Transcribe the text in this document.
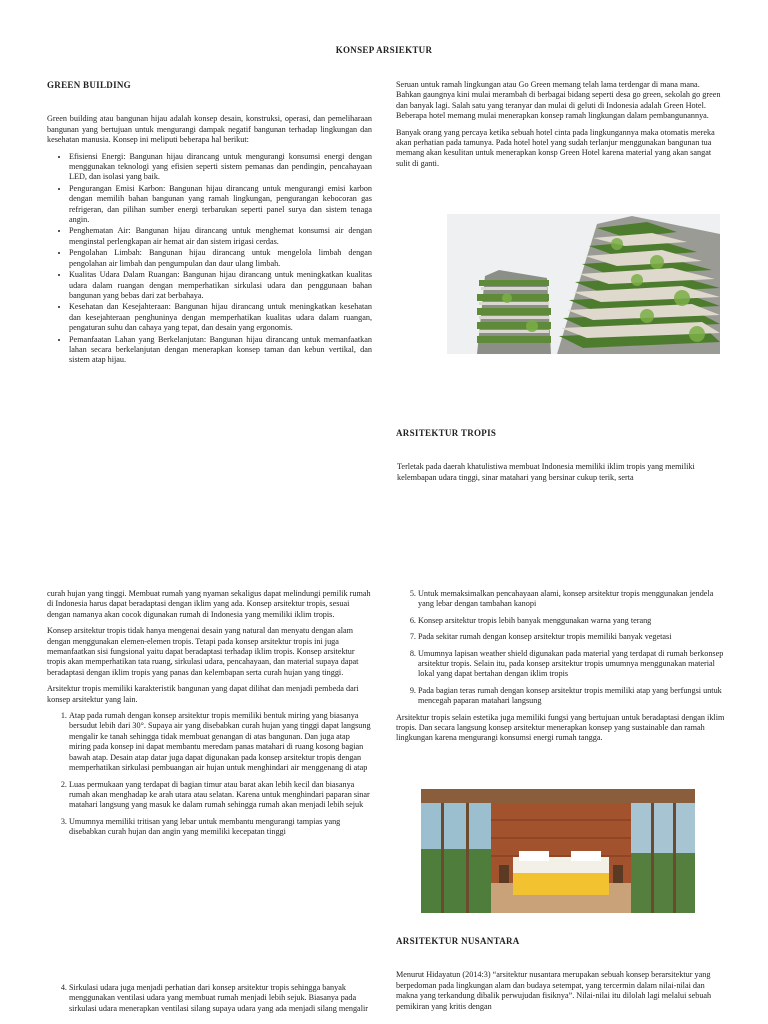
KONSEP ARSIEKTUR
GREEN BUILDING

Green building atau bangunan hijau adalah konsep desain, konstruksi, operasi, dan pemeliharaan bangunan yang bertujuan untuk mengurangi dampak negatif bangunan terhadap lingkungan dan kesehatan manusia. Konsep ini meliputi beberapa hal berikut:

• Efisiensi Energi: Bangunan hijau dirancang untuk mengurangi konsumsi energi dengan menggunakan teknologi yang efisien seperti sistem pemanas dan pendingin, pencahayaan LED, dan isolasi yang baik.
• Pengurangan Emisi Karbon: Bangunan hijau dirancang untuk mengurangi emisi karbon dengan memilih bahan bangunan yang ramah lingkungan, pengurangan kebocoran gas refrigeran, dan pilihan sumber energi terbarukan seperti panel surya dan sistem tenaga angin.
• Penghematan Air: Bangunan hijau dirancang untuk menghemat konsumsi air dengan menginstal perlengkapan air hemat air dan sistem irigasi cerdas.
• Pengolahan Limbah: Bangunan hijau dirancang untuk mengelola limbah dengan pengolahan air limbah dan pengumpulan dan daur ulang limbah.
• Kualitas Udara Dalam Ruangan: Bangunan hijau dirancang untuk meningkatkan kualitas udara dalam ruangan dengan memperhatikan sirkulasi udara dan penggunaan bahan bangunan yang bebas dari zat berbahaya.
• Kesehatan dan Kesejahteraan: Bangunan hijau dirancang untuk meningkatkan kesehatan dan kesejahteraan penghuninya dengan memperhatikan kualitas udara dalam ruangan, pengaturan suhu dan cahaya yang tepat, dan desain yang ergonomis.
• Pemanfaatan Lahan yang Berkelanjutan: Bangunan hijau dirancang untuk memanfaatkan lahan secara berkelanjutan dengan menerapkan konsep taman dan kebun vertikal, dan sistem atap hijau.

Seruan untuk ramah lingkungan atau Go Green memang telah lama terdengar di mana mana. Bahkan gaungnya kini mulai merambah di berbagai bidang seperti desa go green, sekolah go green dan banyak lagi. Salah satu yang teranyar dan mulai di geluti di Indonesia adalah Green Hotel. Beberapa hotel memang mulai menerapkan konsep ramah lingkungan dalam pembangunannya.

Banyak orang yang percaya ketika sebuah hotel cinta pada lingkungannya maka otomatis mereka akan perhatian pada tamunya. Pada hotel hotel yang sudah terlanjur menggunakan bangunan tua memang akan kesulitan untuk menerapkan konsp Green Hotel karena material yang akan sangat sulit di ganti.

ARSITEKTUR TROPIS

Terletak pada daerah khatulistiwa membuat Indonesia memiliki iklim tropis yang memiliki kelembapan udara tinggi, sinar matahari yang bersinar cukup terik, serta

curah hujan yang tinggi. Membuat rumah yang nyaman sekaligus dapat melindungi pemilik rumah di Indonesia harus dapat beradaptasi dengan iklim yang ada. Konsep arsitektur tropis, sesuai dengan namanya akan cocok digunakan rumah di Indonesia yang memiliki iklim tropis.

Konsep arsitektur tropis tidak hanya mengenai desain yang natural dan menyatu dengan alam dengan menggunakan elemen-elemen tropis. Tetapi pada konsep arsitektur tropis ini juga memanfaatkan sisi fungsional yaitu dapat beradaptasi terhadap iklim tropis. Konsep arsitektur tropis akan memperhatikan tata ruang, sirkulasi udara, pencahayaan, dan material supaya dapat beradaptasi dengan iklim tropis yang panas dan kelembapan serta curah hujan yang tinggi.

Arsitektur tropis memiliki karakteristik bangunan yang dapat dilihat dan menjadi pembeda dari konsep arsitektur yang lain.

1. Atap pada rumah dengan konsep arsitektur tropis memiliki bentuk miring yang biasanya bersudut lebih dari 30°. Supaya air yang disebabkan curah hujan yang tinggi dapat langsung mengalir ke tanah sehingga tidak membuat genangan di atas bangunan. Dan juga atap miring pada konsep ini dapat membantu meredam panas matahari di ruang kosong bagian bawah atap. Desain atap datar juga dapat digunakan pada konsep arsitektur tropis dengan memperhatikan sirkulasi pembuangan air hujan untuk menghindari air menggenang di atap
2. Luas permukaan yang terdapat di bagian timur atau barat akan lebih kecil dan biasanya rumah akan menghadap ke arah utara atau selatan. Karena untuk menghindari paparan sinar matahari langsung yang masuk ke dalam rumah sehingga rumah akan menjadi lebih sejuk
3. Umumnya memiliki tritisan yang lebar untuk membantu mengurangi tampias yang disebabkan curah hujan dan angin yang memiliki kecepatan tinggi
4. Sirkulasi udara juga menjadi perhatian dari konsep arsitektur tropis sehingga banyak menggunakan ventilasi udara yang membuat rumah menjadi lebih sejuk. Biasanya pada sirkulasi udara menerapkan ventilasi silang supaya udara yang ada menjadi silang mengalir
5. Untuk memaksimalkan pencahayaan alami, konsep arsitektur tropis menggunakan jendela yang lebar dengan tambahan kanopi
6. Konsep arsitektur tropis lebih banyak menggunakan warna yang terang
7. Pada sekitar rumah dengan konsep arsitektur tropis memiliki banyak vegetasi
8. Umumnya lapisan weather shield digunakan pada material yang terdapat di rumah berkonsep arsitektur tropis. Selain itu, pada konsep arsitektur tropis umumnya menggunakan material lokal yang dapat bertahan dengan iklim tropis
9. Pada bagian teras rumah dengan konsep arsitektur tropis memiliki atap yang berfungsi untuk mencegah paparan matahari langsung

Arsitektur tropis selain estetika juga memiliki fungsi yang bertujuan untuk beradaptasi dengan iklim tropis. Dan secara langsung konsep arsitektur menerapkan konsep yang sustainable dan ramah lingkungan karena mengurangi konsumsi energi rumah tangga.

ARSITEKTUR NUSANTARA

Menurut Hidayatun (2014:3) “arsitektur nusantara merupakan sebuah konsep berarsitektur yang berpedoman pada lingkungan alam dan budaya setempat, yang tercermin dalam nilai-nilai dan makna yang terkandung dibalik perwujudan fisiknya”. Nilai-nilai itu dilolah lagi melalui sebuah pemikiran yang kritis dengan
